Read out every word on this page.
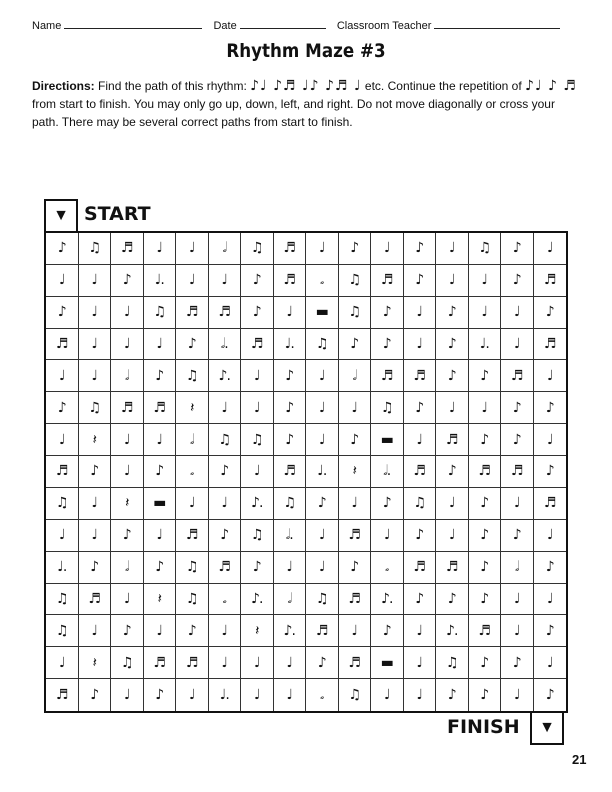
Name	Date	Classroom Teacher
Rhythm Maze #3
Directions: Find the path of this rhythm: ♪♩ ♪♬ ♩♪ ♪♬ ♩ etc. Continue the repetition of ♪♩ ♪ ♬ from start to finish. You may only go up, down, left, and right. Do not move diagonally or cross your path. There may be several correct paths from start to finish.
▼ START
♪	♫	♬	♩	♩	𝅗𝅥	♫	♬	♩	♪	♩	♪	♩	♫	♪	♩
♩	♩	♪	♩.	♩	♩	♪	♬	𝅗	♫	♬	♪	♩	♩	♪	♬
♪	♩	♩	♫	♬	♬	♪	♩	▬	♫	♪	♩	♪	♩	♩	♪
♬	♩	♩	♩	♪	𝅗𝅥.	♬	♩.	♫	♪	♪	♩	♪	♩.	♩	♬
♩	♩	𝅗𝅥	♪	♫	♪.	♩	♪	♩	𝅗𝅥	♬	♬	♪	♪	♬	♩
♪	♫	♬	♬	𝄽	♩	♩	♪	♩	♩	♫	♪	♩	♩	♪	♪
♩	𝄽	♩	♩	𝅗𝅥	♫	♫	♪	♩	♪	▬	♩	♬	♪	♪	♩
♬	♪	♩	♪	𝅗	♪	♩	♬	♩.	𝄽	𝅗𝅥.	♬	♪	♬	♬	♪
♫	♩	𝄽	▬	♩	♩	♪.	♫	♪	♩	♪	♫	♩	♪	♩	♬
♩	♩	♪	♩	♬	♪	♫	𝅗𝅥.	♩	♬	♩	♪	♩	♪	♪	♩
♩.	♪	𝅗𝅥	♪	♫	♬	♪	♩	♩	♪	𝅗	♬	♬	♪	𝅗𝅥	♪
♫	♬	♩	𝄽	♫	𝅗	♪.	𝅗𝅥	♫	♬	♪.	♪	♪	♪	♩	♩
♫	♩	♪	♩	♪	♩	𝄽	♪.	♬	♩	♪	♩	♪.	♬	♩	♪
♩	𝄽	♫	♬	♬	♩	♩	♩	♪	♬	▬	♩	♫	♪	♪	♩
♬	♪	♩	♪	♩	♩.	♩	♩	𝅗	♫	♩	♩	♪	♪	♩	♪
FINISH	▼
21
